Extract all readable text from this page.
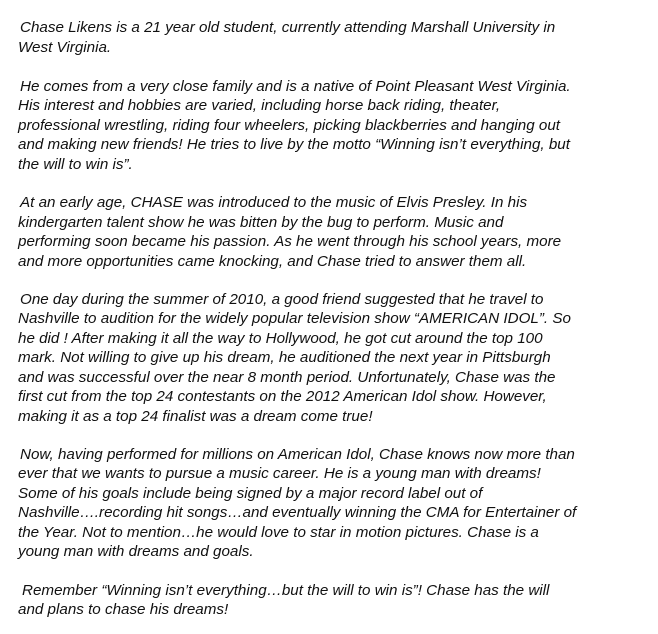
Chase Likens is a 21 year old student, currently attending Marshall University in
West Virginia.
He comes from a very close family and is a native of Point Pleasant West Virginia.
His interest and hobbies are varied, including horse back riding, theater,
professional wrestling, riding four wheelers, picking blackberries and hanging out
and making new friends! He tries to live by the motto “Winning isn’t everything, but
the will to win is”.
At an early age, CHASE was introduced to the music of Elvis Presley. In his
kindergarten talent show he was bitten by the bug to perform. Music and
performing soon became his passion. As he went through his school years, more
and more opportunities came knocking, and Chase tried to answer them all.
One day during the summer of 2010, a good friend suggested that he travel to
Nashville to audition for the widely popular television show “AMERICAN IDOL”. So
he did ! After making it all the way to Hollywood, he got cut around the top 100
mark. Not willing to give up his dream, he auditioned the next year in Pittsburgh
and was successful over the near 8 month period. Unfortunately, Chase was the
first cut from the top 24 contestants on the 2012 American Idol show. However,
making it as a top 24 finalist was a dream come true!
Now, having performed for millions on American Idol, Chase knows now more than
ever that we wants to pursue a music career. He is a young man with dreams!
Some of his goals include being signed by a major record label out of
Nashville….recording hit songs…and eventually winning the CMA for Entertainer of
the Year. Not to mention…he would love to star in motion pictures. Chase is a
young man with dreams and goals.
Remember “Winning isn’t everything…but the will to win is”! Chase has the will
and plans to chase his dreams!
